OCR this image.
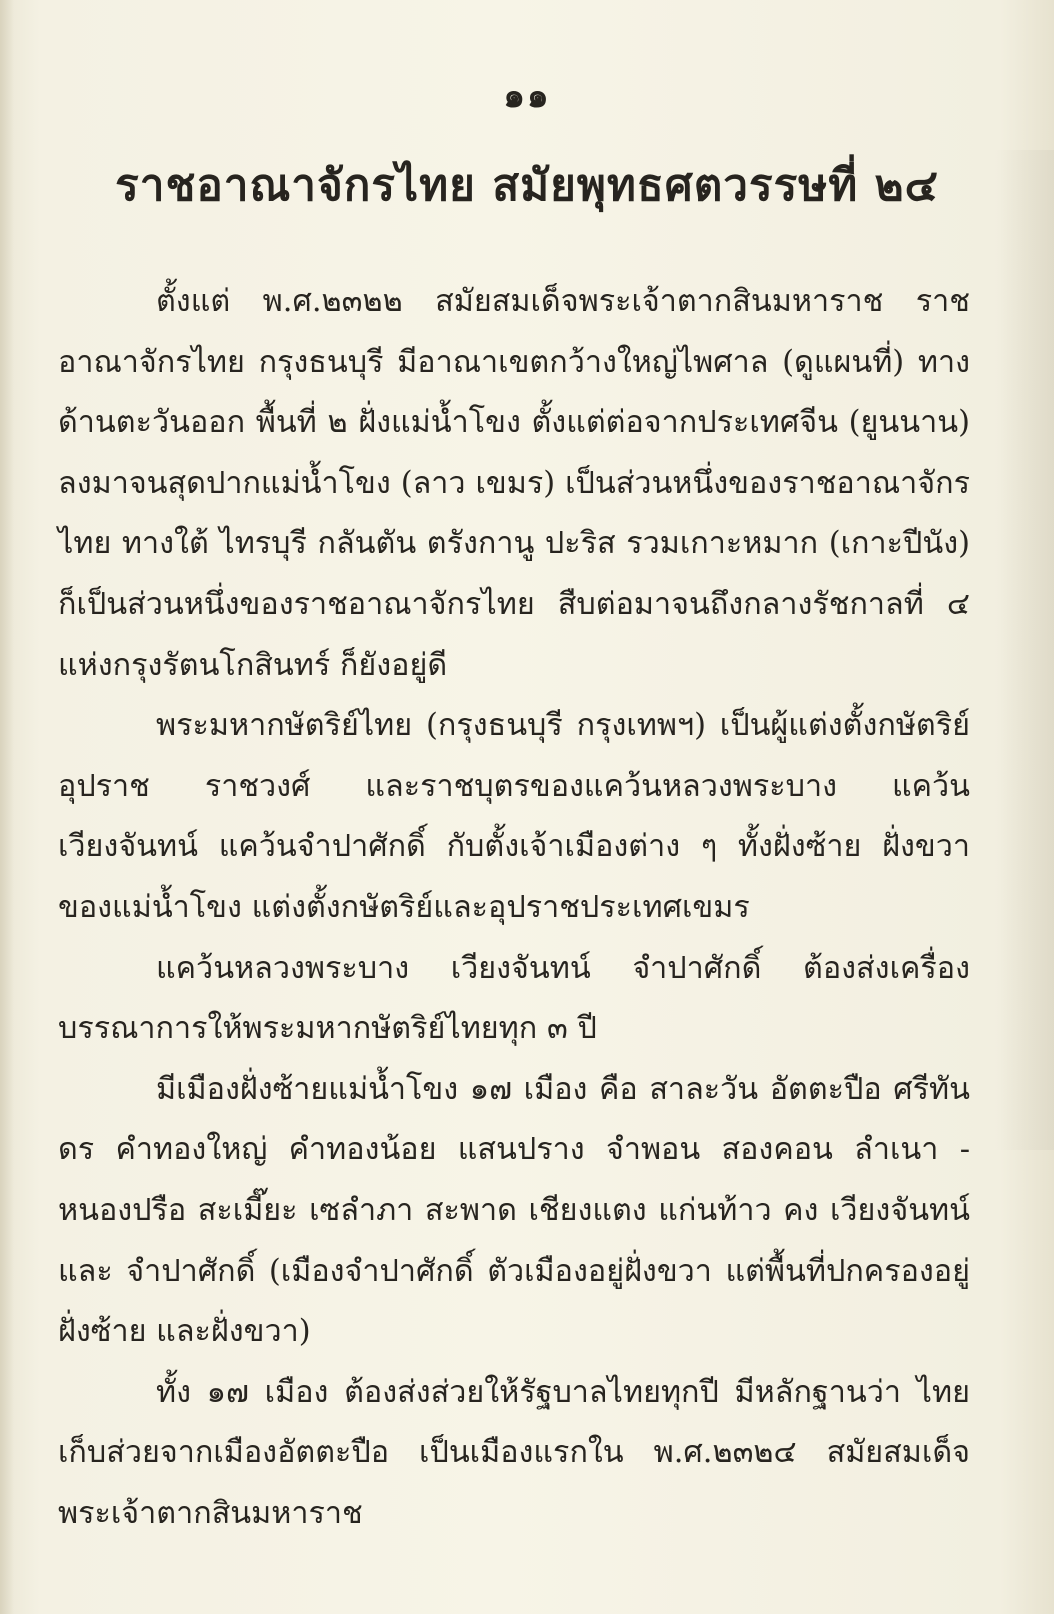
๑๑
ราชอาณาจักรไทย สมัยพุทธศตวรรษที่ ๒๔

ตั้งแต่ พ.ศ.๒๓๒๒ สมัยสมเด็จพระเจ้าตากสินมหาราช ราชอาณาจักรไทย กรุงธนบุรี มีอาณาเขตกว้างใหญ่ไพศาล (ดูแผนที่) ทางด้านตะวันออก พื้นที่ ๒ ฝั่งแม่น้ำโขง ตั้งแต่ต่อจากประเทศจีน (ยูนนาน) ลงมาจนสุดปากแม่น้ำโขง (ลาว เขมร) เป็นส่วนหนึ่งของราชอาณาจักรไทย ทางใต้ ไทรบุรี กลันตัน ตรังกานู ปะริส รวมเกาะหมาก (เกาะปีนัง) ก็เป็นส่วนหนึ่งของราชอาณาจักรไทย สืบต่อมาจนถึงกลางรัชกาลที่ ๔ แห่งกรุงรัตนโกสินทร์ ก็ยังอยู่ดี

พระมหากษัตริย์ไทย (กรุงธนบุรี กรุงเทพฯ) เป็นผู้แต่งตั้งกษัตริย์ อุปราช ราชวงศ์ และราชบุตรของแคว้นหลวงพระบาง แคว้นเวียงจันทน์ แคว้นจำปาศักดิ์ กับตั้งเจ้าเมืองต่าง ๆ ทั้งฝั่งซ้าย ฝั่งขวา ของแม่น้ำโขง แต่งตั้งกษัตริย์และอุปราชประเทศเขมร

แคว้นหลวงพระบาง เวียงจันทน์ จำปาศักดิ์ ต้องส่งเครื่องบรรณาการให้พระมหากษัตริย์ไทยทุก ๓ ปี

มีเมืองฝั่งซ้ายแม่น้ำโขง ๑๗ เมือง คือ สาละวัน อัตตะปือ ศรีทันดร คำทองใหญ่ คำทองน้อย แสนปราง จำพอน สองคอน ลำเนา - หนองปรือ สะเมี๊ยะ เซลำภา สะพาด เชียงแตง แก่นท้าว คง เวียงจันทน์ และ จำปาศักดิ์ (เมืองจำปาศักดิ์ ตัวเมืองอยู่ฝั่งขวา แต่พื้นที่ปกครองอยู่ฝั่งซ้าย และฝั่งขวา)

ทั้ง ๑๗ เมือง ต้องส่งส่วยให้รัฐบาลไทยทุกปี มีหลักฐานว่า ไทยเก็บส่วยจากเมืองอัตตะปือ เป็นเมืองแรกใน พ.ศ.๒๓๒๔ สมัยสมเด็จพระเจ้าตากสินมหาราช
